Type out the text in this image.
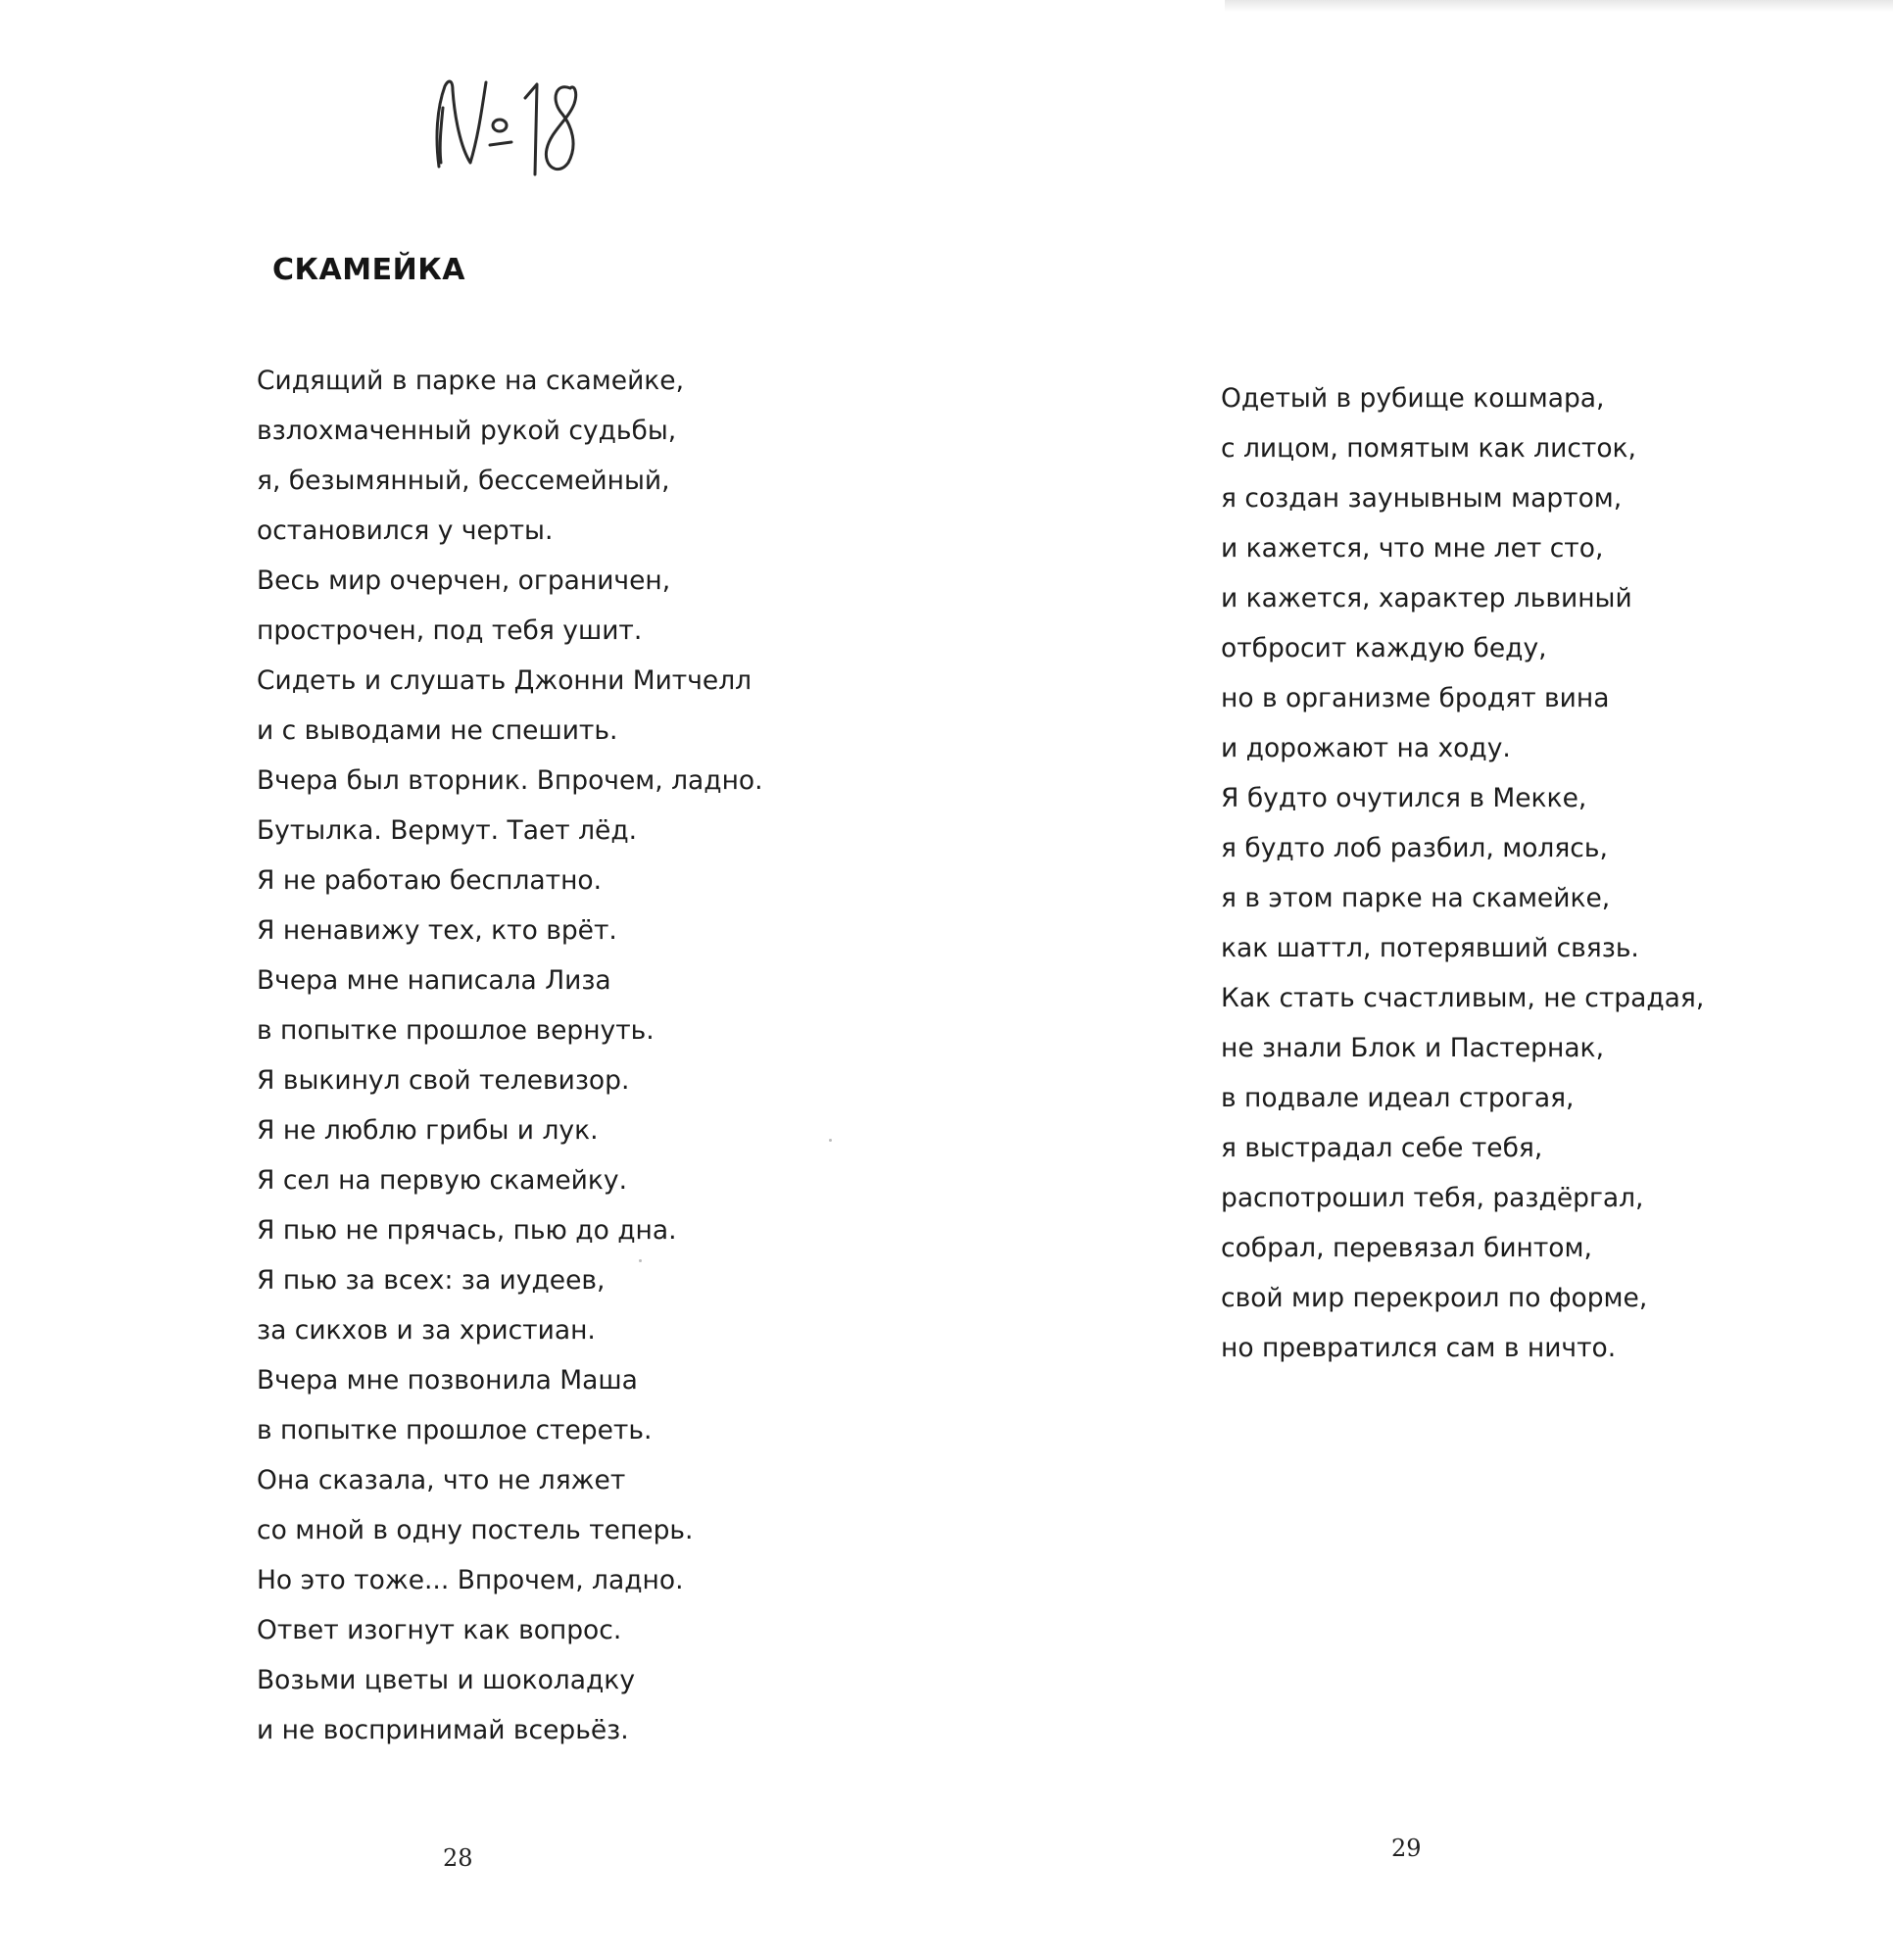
СКАМЕЙКА
Сидящий в парке на скамейке,
взлохмаченный рукой судьбы,
я, безымянный, бессемейный,
остановился у черты.
Весь мир очерчен, ограничен,
прострочен, под тебя ушит.
Сидеть и слушать Джонни Митчелл
и с выводами не спешить.
Вчера был вторник. Впрочем, ладно.
Бутылка. Вермут. Тает лёд.
Я не работаю бесплатно.
Я ненавижу тех, кто врёт.
Вчера мне написала Лиза
в попытке прошлое вернуть.
Я выкинул свой телевизор.
Я не люблю грибы и лук.
Я сел на первую скамейку.
Я пью не прячась, пью до дна.
Я пью за всех: за иудеев,
за сикхов и за христиан.
Вчера мне позвонила Маша
в попытке прошлое стереть.
Она сказала, что не ляжет
со мной в одну постель теперь.
Но это тоже... Впрочем, ладно.
Ответ изогнут как вопрос.
Возьми цветы и шоколадку
и не воспринимай всерьёз.
28
Одетый в рубище кошмара,
с лицом, помятым как листок,
я создан заунывным мартом,
и кажется, что мне лет сто,
и кажется, характер львиный
отбросит каждую беду,
но в организме бродят вина
и дорожают на ходу.
Я будто очутился в Мекке,
я будто лоб разбил, молясь,
я в этом парке на скамейке,
как шаттл, потерявший связь.
Как стать счастливым, не страдая,
не знали Блок и Пастернак,
в подвале идеал строгая,
я выстрадал себе тебя,
распотрошил тебя, раздёргал,
собрал, перевязал бинтом,
свой мир перекроил по форме,
но превратился сам в ничто.
29
